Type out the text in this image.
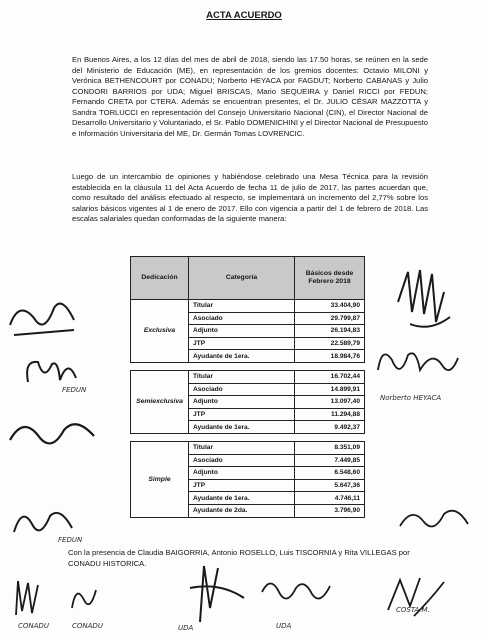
ACTA ACUERDO
En Buenos Aires, a los 12 días del mes de abril de 2018, siendo las 17.50 horas, se reúnen en la sede del Ministerio de Educación (ME), en representación de los gremios docentes: Octavio MILONI y Verónica BETHENCOURT por CONADU; Norberto HEYACA por FAGDUT; Norberto CABANAS y Julio CONDORI BARRIOS por UDA; Miguel BRISCAS, Mario SEQUEIRA y Daniel RICCI por FEDUN; Fernando CRETA por CTERA. Además se encuentran presentes, el Dr. JULIO CÉSAR MAZZOTTA y Sandra TORLUCCI en representación del Consejo Universitario Nacional (CIN), el Director Nacional de Desarrollo Universitario y Voluntariado, el Sr. Pablo DOMENICHINI y el Director Nacional de Presupuesto e Información Universitaria del ME, Dr. Germán Tomas LOVRENCIC.
Luego de un intercambio de opiniones y habiéndose celebrado una Mesa Técnica para la revisión establecida en la cláusula 11 del Acta Acuerdo de fecha 11 de julio de 2017, las partes acuerdan que, como resultado del análisis efectuado al respecto, se implementará un incremento del 2,77% sobre los salarios básicos vigentes al 1 de enero de 2017. Ello con vigencia a partir del 1 de febrero de 2018. Las escalas salariales quedan conformadas de la siguiente manera:
Dedicación	Categoría	Básicos desde Febrero 2018
Exclusiva	Titular	33.404,90
	Asociado	29.799,87
	Adjunto	26.194,83
	JTP	22.589,79
	Ayudante de 1era.	18.984,76

Semiexclusiva	Titular	16.702,44
	Asociado	14.899,91
	Adjunto	13.097,40
	JTP	11.294,88
	Ayudante de 1era.	9.492,37

Simple	Titular	8.351,09
	Asociado	7.449,85
	Adjunto	6.548,60
	JTP	5.647,36
	Ayudante de 1era.	4.746,11
	Ayudante de 2da.	3.796,90
Con la presencia de Claudia BAIGORRIA, Antonio ROSELLO, Luis TISCORNIA y Rita VILLEGAS por CONADU HISTORICA.
Norberto HEYACA
FEDUN
FEDUN
CONADU	CONADU	UDA	UDA
COSTA M.
